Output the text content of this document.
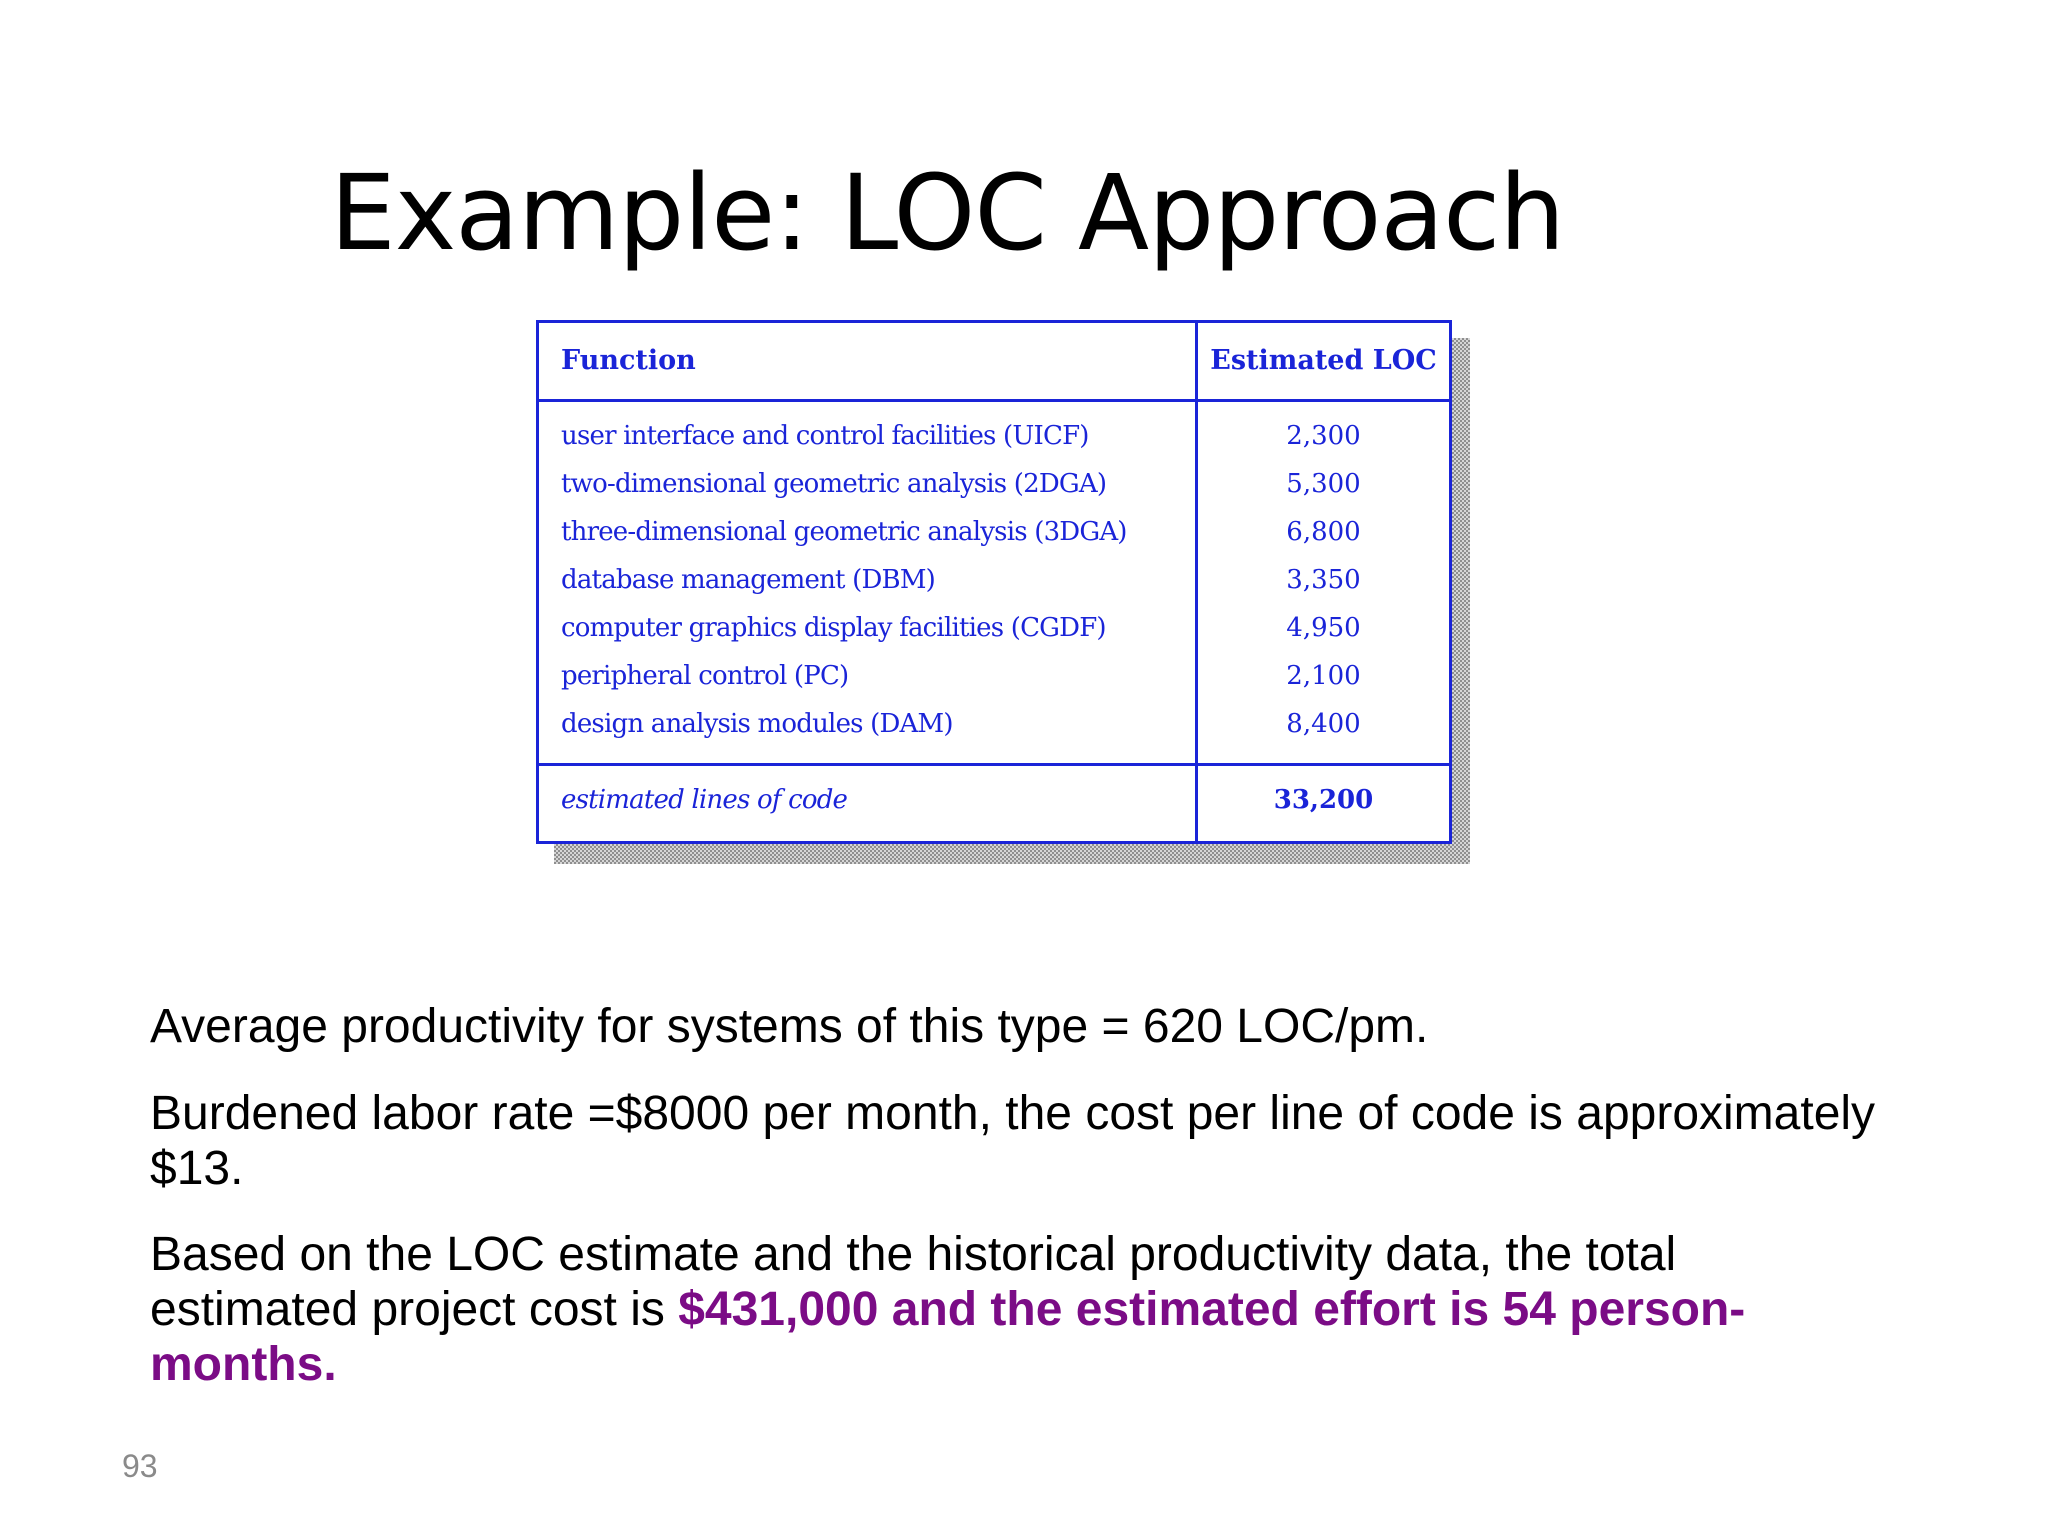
Example: LOC Approach
Function	Estimated LOC
user interface and control facilities (UICF)	2,300
two-dimensional geometric analysis (2DGA)	5,300
three-dimensional geometric analysis (3DGA)	6,800
database management (DBM)	3,350
computer graphics display facilities (CGDF)	4,950
peripheral control (PC)	2,100
design analysis modules (DAM)	8,400
estimated lines of code	33,200

Average productivity for systems of this type = 620 LOC/pm.

Burdened labor rate =$8000 per month, the cost per line of code is approximately $13.

Based on the LOC estimate and the historical productivity data, the total estimated project cost is $431,000 and the estimated effort is 54 person-months.

93
